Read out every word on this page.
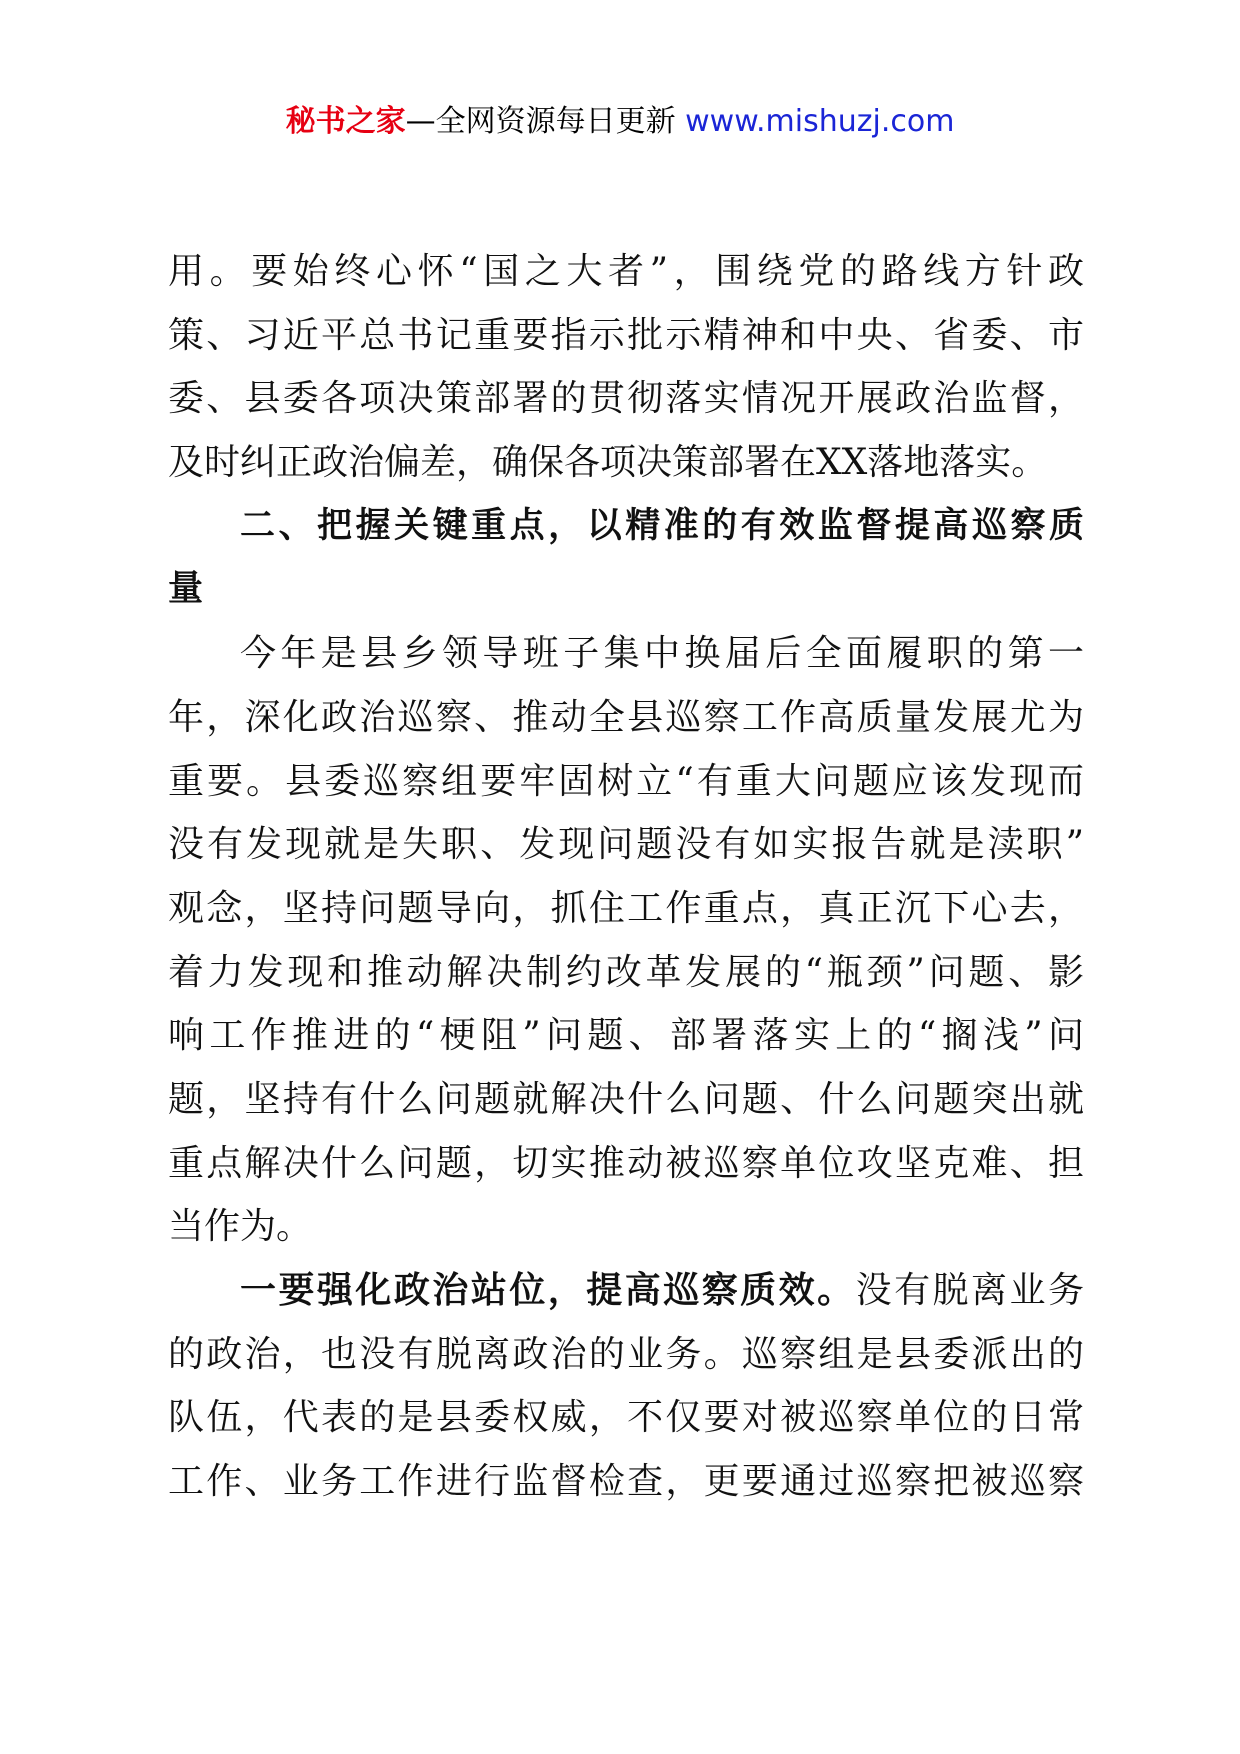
秘书之家—全网资源每日更新 www.mishuzj.com
用。要始终心怀“国之大者”，围绕党的路线方针政
策、习近平总书记重要指示批示精神和中央、省委、市
委、县委各项决策部署的贯彻落实情况开展政治监督，
及时纠正政治偏差，确保各项决策部署在XX落地落实。
二、把握关键重点，以精准的有效监督提高巡察质
量
今年是县乡领导班子集中换届后全面履职的第一
年，深化政治巡察、推动全县巡察工作高质量发展尤为
重要。县委巡察组要牢固树立“有重大问题应该发现而
没有发现就是失职、发现问题没有如实报告就是渎职”
观念，坚持问题导向，抓住工作重点，真正沉下心去，
着力发现和推动解决制约改革发展的“瓶颈”问题、影
响工作推进的“梗阻”问题、部署落实上的“搁浅”问
题，坚持有什么问题就解决什么问题、什么问题突出就
重点解决什么问题，切实推动被巡察单位攻坚克难、担
当作为。
一要强化政治站位，提高巡察质效。没有脱离业务
的政治，也没有脱离政治的业务。巡察组是县委派出的
队伍，代表的是县委权威，不仅要对被巡察单位的日常
工作、业务工作进行监督检查，更要通过巡察把被巡察
